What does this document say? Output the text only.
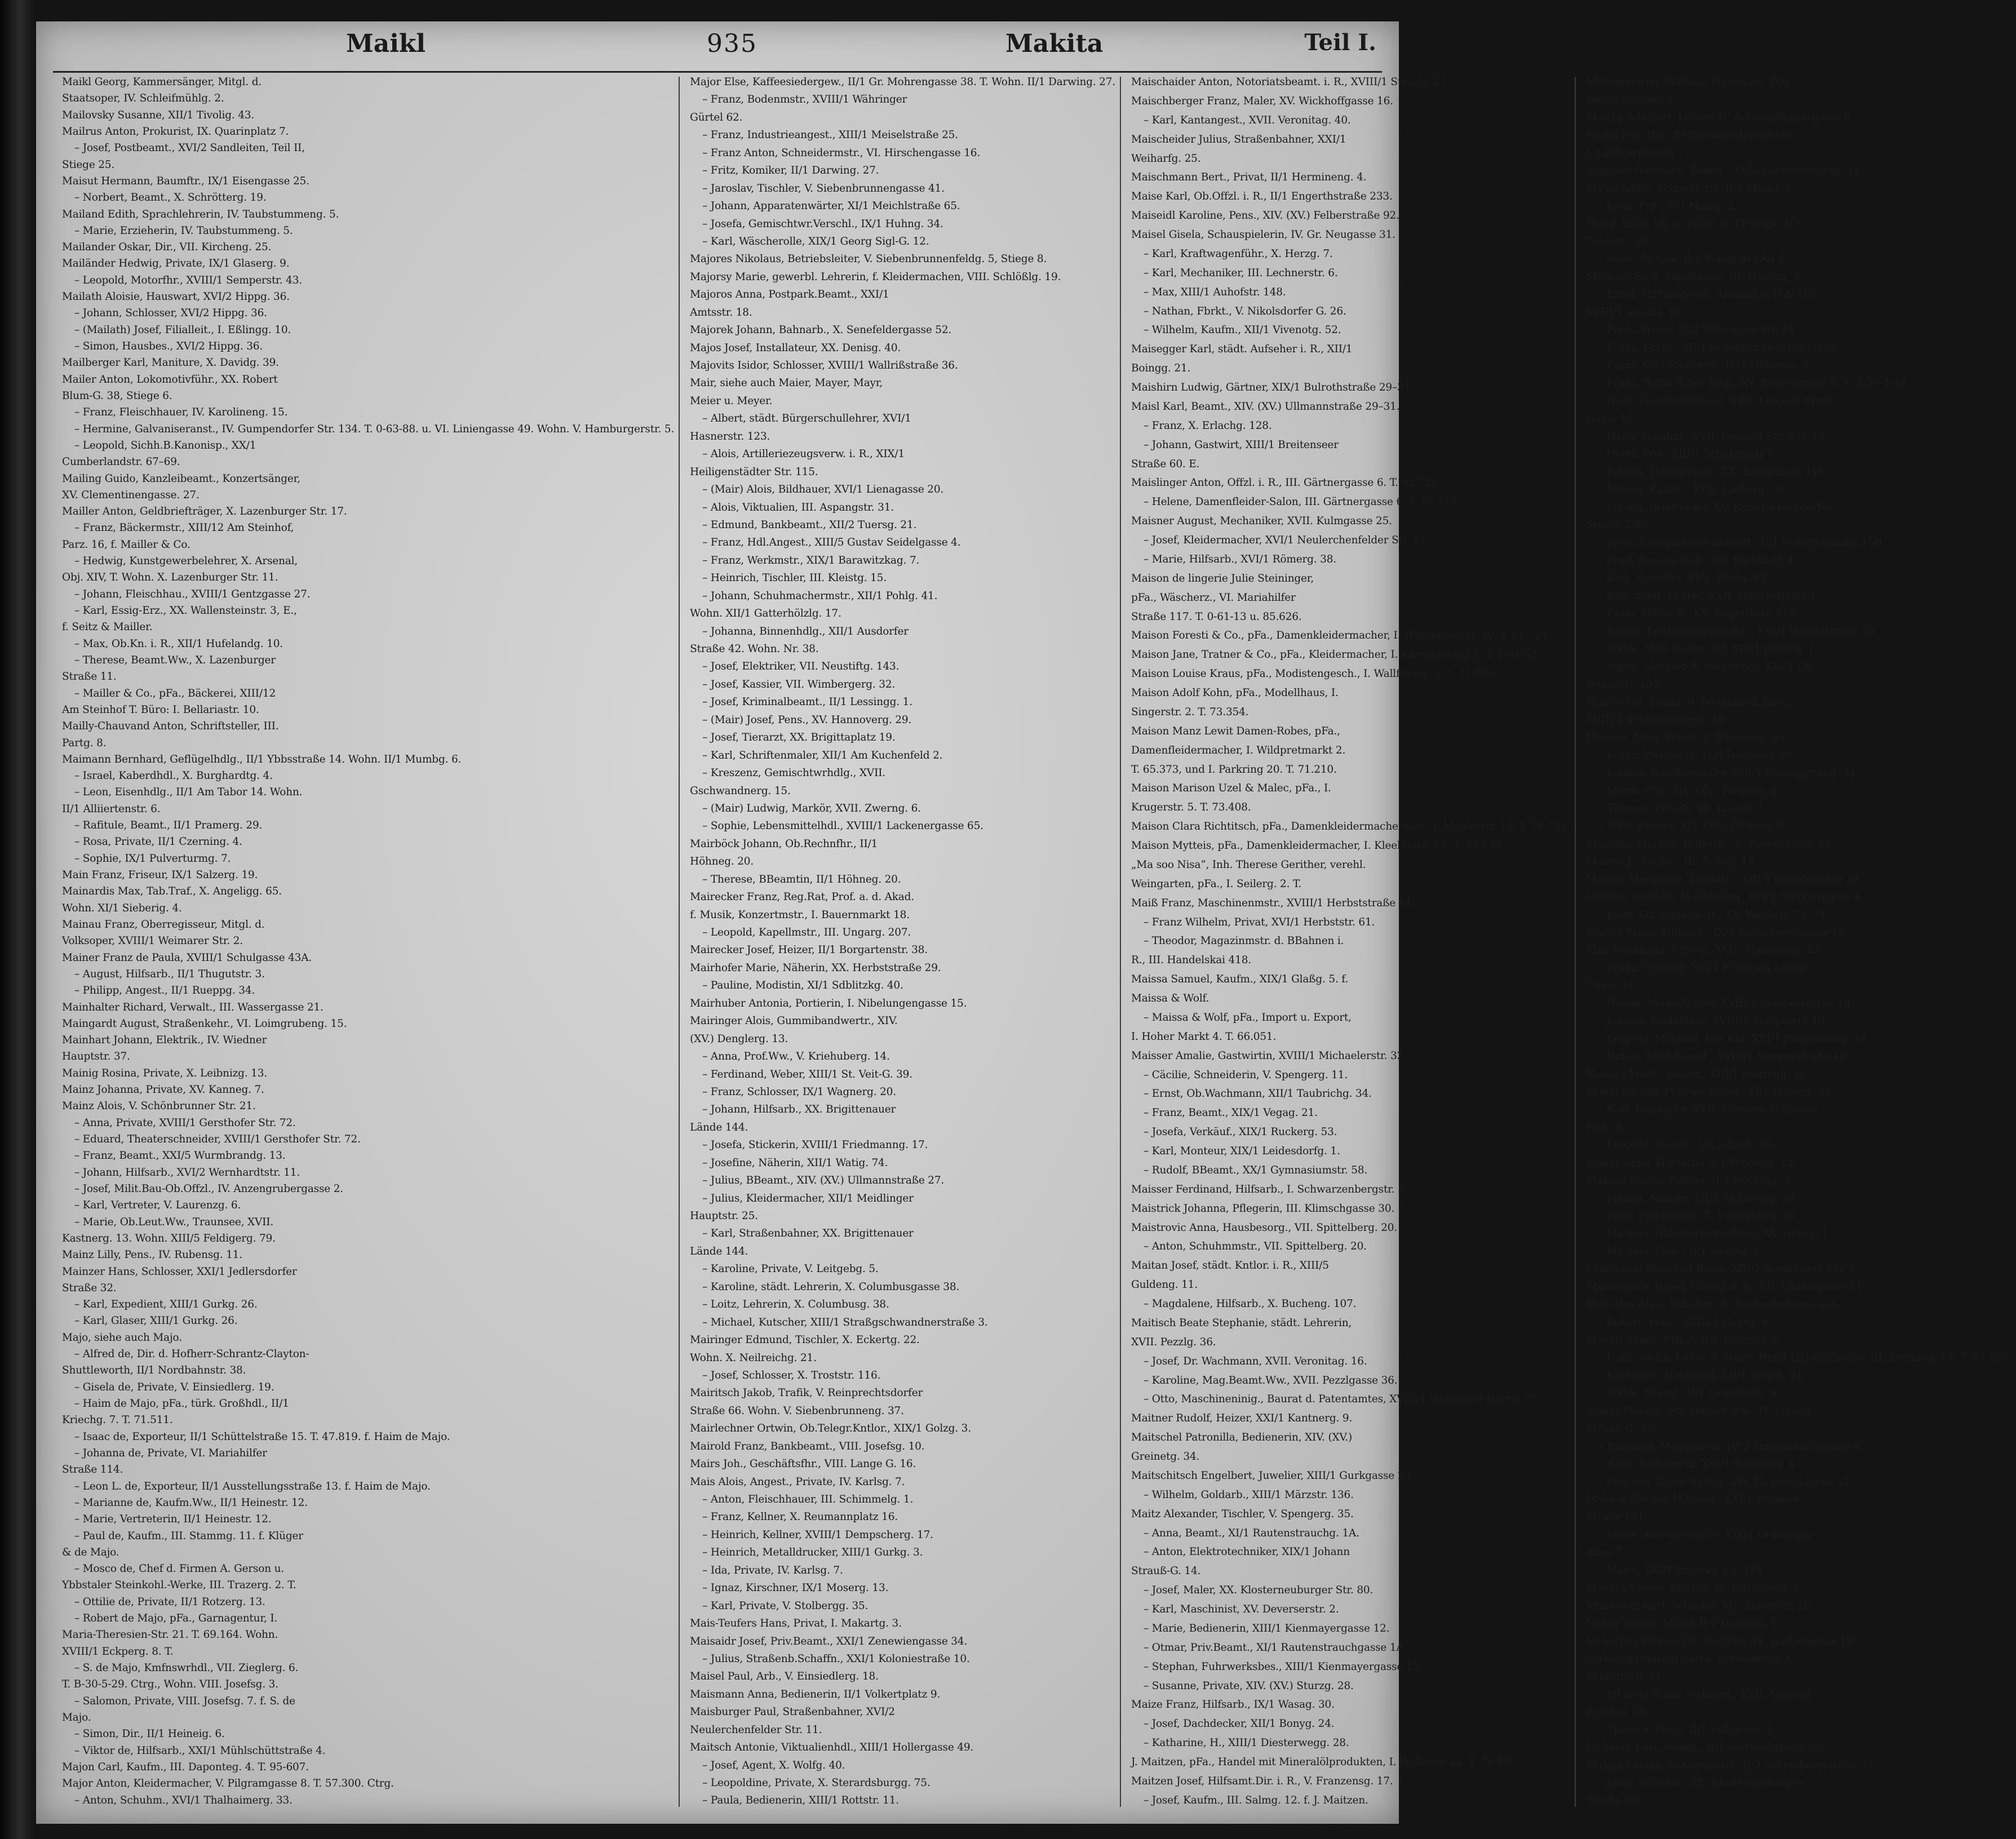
Maikl	935	Makita	Teil I.
Maikl Georg, Kammersänger, Mitgl. d.
Staatsoper, IV. Schleifmühlg. 2.
Mailovsky Susanne, XII/1 Tivolig. 43.
Mailrus Anton, Prokurist, IX. Quarinplatz 7.
– Josef, Postbeamt., XVI/2 Sandleiten, Teil II,
Stiege 25.
Maisut Hermann, Baumftr., IX/1 Eisengasse 25.
– Norbert, Beamt., X. Schrötterg. 19.
Mailand Edith, Sprachlehrerin, IV. Taubstummeng. 5.
– Marie, Erzieherin, IV. Taubstummeng. 5.
Mailander Oskar, Dir., VII. Kircheng. 25.
Mailänder Hedwig, Private, IX/1 Glaserg. 9.
– Leopold, Motorfhr., XVIII/1 Semperstr. 43.
Mailath Aloisie, Hauswart, XVI/2 Hippg. 36.
– Johann, Schlosser, XVI/2 Hippg. 36.
– (Mailath) Josef, Filialleit., I. Eßlingg. 10.
– Simon, Hausbes., XVI/2 Hippg. 36.
Mailberger Karl, Maniture, X. Davidg. 39.
Mailer Anton, Lokomotivführ., XX. Robert
Blum-G. 38, Stiege 6.
– Franz, Fleischhauer, IV. Karolineng. 15.
– Hermine, Galvaniseranst., IV. Gumpendorfer Str. 134. T. 0-63-88. u. VI. Liniengasse 49. Wohn. V. Hamburgerstr. 5.
– Leopold, Sichh.B.Kanonisp., XX/1
Cumberlandstr. 67–69.
Mailing Guido, Kanzleibeamt., Konzertsänger,
XV. Clementinengasse. 27.
Mailler Anton, Geldbriefträger, X. Lazenburger Str. 17.
– Franz, Bäckermstr., XIII/12 Am Steinhof,
Parz. 16, f. Mailler & Co.
– Hedwig, Kunstgewerbelehrer, X. Arsenal,
Obj. XIV, T. Wohn. X. Lazenburger Str. 11.
– Johann, Fleischhau., XVIII/1 Gentzgasse 27.
– Karl, Essig-Erz., XX. Wallensteinstr. 3, E.,
f. Seitz & Mailler.
– Max, Ob.Kn. i. R., XII/1 Hufelandg. 10.
– Therese, Beamt.Ww., X. Lazenburger
Straße 11.
– Mailler & Co., pFa., Bäckerei, XIII/12
Am Steinhof T. Büro: I. Bellariastr. 10.
Mailly-Chauvand Anton, Schriftsteller, III.
Partg. 8.
Maimann Bernhard, Geflügelhdlg., II/1 Ybbsstraße 14. Wohn. II/1 Mumbg. 6.
– Israel, Kaberdhdl., X. Burghardtg. 4.
– Leon, Eisenhdlg., II/1 Am Tabor 14. Wohn.
II/1 Alliiertenstr. 6.
– Rafitule, Beamt., II/1 Pramerg. 29.
– Rosa, Private, II/1 Czerning. 4.
– Sophie, IX/1 Pulverturmg. 7.
Main Franz, Friseur, IX/1 Salzerg. 19.
Mainardis Max, Tab.Traf., X. Angeligg. 65.
Wohn. XI/1 Sieberig. 4.
Mainau Franz, Oberregisseur, Mitgl. d.
Volksoper, XVIII/1 Weimarer Str. 2.
Mainer Franz de Paula, XVIII/1 Schulgasse 43A.
– August, Hilfsarb., II/1 Thugutstr. 3.
– Philipp, Angest., II/1 Rueppg. 34.
Mainhalter Richard, Verwalt., III. Wassergasse 21.
Maingardt August, Straßenkehr., VI. Loimgrubeng. 15.
Mainhart Johann, Elektrik., IV. Wiedner
Hauptstr. 37.
Mainig Rosina, Private, X. Leibnizg. 13.
Mainz Johanna, Private, XV. Kanneg. 7.
Mainz Alois, V. Schönbrunner Str. 21.
– Anna, Private, XVIII/1 Gersthofer Str. 72.
– Eduard, Theaterschneider, XVIII/1 Gersthofer Str. 72.
– Franz, Beamt., XXI/5 Wurmbrandg. 13.
– Johann, Hilfsarb., XVI/2 Wernhardtstr. 11.
– Josef, Milit.Bau-Ob.Offzl., IV. Anzengrubergasse 2.
– Karl, Vertreter, V. Laurenzg. 6.
– Marie, Ob.Leut.Ww., Traunsee, XVII.
Kastnerg. 13. Wohn. XIII/5 Feldigerg. 79.
Mainz Lilly, Pens., IV. Rubensg. 11.
Mainzer Hans, Schlosser, XXI/1 Jedlersdorfer
Straße 32.
– Karl, Expedient, XIII/1 Gurkg. 26.
– Karl, Glaser, XIII/1 Gurkg. 26.
Majo, siehe auch Majo.
– Alfred de, Dir. d. Hofherr-Schrantz-Clayton-
Shuttleworth, II/1 Nordbahnstr. 38.
– Gisela de, Private, V. Einsiedlerg. 19.
– Haim de Majo, pFa., türk. Großhdl., II/1
Kriechg. 7. T. 71.511.
– Isaac de, Exporteur, II/1 Schüttelstraße 15. T. 47.819. f. Haim de Majo.
– Johanna de, Private, VI. Mariahilfer
Straße 114.
– Leon L. de, Exporteur, II/1 Ausstellungsstraße 13. f. Haim de Majo.
– Marianne de, Kaufm.Ww., II/1 Heinestr. 12.
– Marie, Vertreterin, II/1 Heinestr. 12.
– Paul de, Kaufm., III. Stammg. 11. f. Klüger
& de Majo.
– Mosco de, Chef d. Firmen A. Gerson u.
Ybbstaler Steinkohl.-Werke, III. Trazerg. 2. T.
– Ottilie de, Private, II/1 Rotzerg. 13.
– Robert de Majo, pFa., Garnagentur, I.
Maria-Theresien-Str. 21. T. 69.164. Wohn.
XVIII/1 Eckperg. 8. T.
– S. de Majo, Kmfnswrhdl., VII. Zieglerg. 6.
T. B-30-5-29. Ctrg., Wohn. VIII. Josefsg. 3.
– Salomon, Private, VIII. Josefsg. 7. f. S. de
Majo.
– Simon, Dir., II/1 Heineig. 6.
– Viktor de, Hilfsarb., XXI/1 Mühlschüttstraße 4.
Majon Carl, Kaufm., III. Daponteg. 4. T. 95-607.
Major Anton, Kleidermacher, V. Pilgramgasse 8. T. 57.300. Ctrg.
– Anton, Schuhm., XVI/1 Thalhaimerg. 33.
Major Else, Kaffeesiedergew., II/1 Gr. Mohrengasse 38. T. Wohn. II/1 Darwing. 27.
– Franz, Bodenmstr., XVIII/1 Währinger
Gürtel 62.
– Franz, Industrieangest., XIII/1 Meiselstraße 25.
– Franz Anton, Schneidermstr., VI. Hirschengasse 16.
– Fritz, Komiker, II/1 Darwing. 27.
– Jaroslav, Tischler, V. Siebenbrunnengasse 41.
– Johann, Apparatenwärter, XI/1 Meichlstraße 65.
– Josefa, Gemischtwr.Verschl., IX/1 Huhng. 34.
– Karl, Wäscherolle, XIX/1 Georg Sigl-G. 12.
Majores Nikolaus, Betriebsleiter, V. Siebenbrunnenfeldg. 5, Stiege 8.
Majorsy Marie, gewerbl. Lehrerin, f. Kleidermachen, VIII. Schlößlg. 19.
Majoros Anna, Postpark.Beamt., XXI/1
Amtsstr. 18.
Majorek Johann, Bahnarb., X. Senefeldergasse 52.
Majos Josef, Installateur, XX. Denisg. 40.
Majovits Isidor, Schlosser, XVIII/1 Wallrißstraße 36.
Mair, siehe auch Maier, Mayer, Mayr,
Meier u. Meyer.
– Albert, städt. Bürgerschullehrer, XVI/1
Hasnerstr. 123.
– Alois, Artilleriezeugsverw. i. R., XIX/1
Heiligenstädter Str. 115.
– (Mair) Alois, Bildhauer, XVI/1 Lienagasse 20.
– Alois, Viktualien, III. Aspangstr. 31.
– Edmund, Bankbeamt., XII/2 Tuersg. 21.
– Franz, Hdl.Angest., XIII/5 Gustav Seidelgasse 4.
– Franz, Werkmstr., XIX/1 Barawitzkag. 7.
– Heinrich, Tischler, III. Kleistg. 15.
– Johann, Schuhmachermstr., XII/1 Pohlg. 41.
Wohn. XII/1 Gatterhölzlg. 17.
– Johanna, Binnenhdlg., XII/1 Ausdorfer
Straße 42. Wohn. Nr. 38.
– Josef, Elektriker, VII. Neustiftg. 143.
– Josef, Kassier, VII. Wimbergerg. 32.
– Josef, Kriminalbeamt., II/1 Lessingg. 1.
– (Mair) Josef, Pens., XV. Hannoverg. 29.
– Josef, Tierarzt, XX. Brigittaplatz 19.
– Karl, Schriftenmaler, XII/1 Am Kuchenfeld 2.
– Kreszenz, Gemischtwrhdlg., XVII.
Gschwandnerg. 15.
– (Mair) Ludwig, Markör, XVII. Zwerng. 6.
– Sophie, Lebensmittelhdl., XVIII/1 Lackenergasse 65.
Mairböck Johann, Ob.Rechnfhr., II/1
Höhneg. 20.
– Therese, BBeamtin, II/1 Höhneg. 20.
Mairecker Franz, Reg.Rat, Prof. a. d. Akad.
f. Musik, Konzertmstr., I. Bauernmarkt 18.
– Leopold, Kapellmstr., III. Ungarg. 207.
Mairecker Josef, Heizer, II/1 Borgartenstr. 38.
Mairhofer Marie, Näherin, XX. Herbststraße 29.
– Pauline, Modistin, XI/1 Sdblitzkg. 40.
Mairhuber Antonia, Portierin, I. Nibelungengasse 15.
Mairinger Alois, Gummibandwertr., XIV.
(XV.) Denglerg. 13.
– Anna, Prof.Ww., V. Kriehuberg. 14.
– Ferdinand, Weber, XIII/1 St. Veit-G. 39.
– Franz, Schlosser, IX/1 Wagnerg. 20.
– Johann, Hilfsarb., XX. Brigittenauer
Lände 144.
– Josefa, Stickerin, XVIII/1 Friedmanng. 17.
– Josefine, Näherin, XII/1 Watig. 74.
– Julius, BBeamt., XIV. (XV.) Ullmannstraße 27.
– Julius, Kleidermacher, XII/1 Meidlinger
Hauptstr. 25.
– Karl, Straßenbahner, XX. Brigittenauer
Lände 144.
– Karoline, Private, V. Leitgebg. 5.
– Karoline, städt. Lehrerin, X. Columbusgasse 38.
– Loitz, Lehrerin, X. Columbusg. 38.
– Michael, Kutscher, XIII/1 Straßgschwandnerstraße 3.
Mairinger Edmund, Tischler, X. Eckertg. 22.
Wohn. X. Neilreichg. 21.
– Josef, Schlosser, X. Troststr. 116.
Mairitsch Jakob, Trafik, V. Reinprechtsdorfer
Straße 66. Wohn. V. Siebenbrunneng. 37.
Mairlechner Ortwin, Ob.Telegr.Kntlor., XIX/1 Golzg. 3.
Mairold Franz, Bankbeamt., VIII. Josefsg. 10.
Mairs Joh., Geschäftsfhr., VIII. Lange G. 16.
Mais Alois, Angest., Private, IV. Karlsg. 7.
– Anton, Fleischhauer, III. Schimmelg. 1.
– Franz, Kellner, X. Reumannplatz 16.
– Heinrich, Kellner, XVIII/1 Dempscherg. 17.
– Heinrich, Metalldrucker, XIII/1 Gurkg. 3.
– Ida, Private, IV. Karlsg. 7.
– Ignaz, Kirschner, IX/1 Moserg. 13.
– Karl, Private, V. Stolbergg. 35.
Mais-Teufers Hans, Privat, I. Makartg. 3.
Maisaidr Josef, Priv.Beamt., XXI/1 Zenewiengasse 34.
– Julius, Straßenb.Schaffn., XXI/1 Koloniestraße 10.
Maisel Paul, Arb., V. Einsiedlerg. 18.
Maismann Anna, Bedienerin, II/1 Volkertplatz 9.
Maisburger Paul, Straßenbahner, XVI/2
Neulerchenfelder Str. 11.
Maitsch Antonie, Viktualienhdl., XIII/1 Hollergasse 49.
– Josef, Agent, X. Wolfg. 40.
– Leopoldine, Private, X. Sterardsburgg. 75.
– Paula, Bedienerin, XIII/1 Rottstr. 11.
Maischaider Anton, Notoriatsbeamt. i. R., XVIII/1 Staudg. 21.
Maischberger Franz, Maler, XV. Wickhoffgasse 16.
– Karl, Kantangest., XVII. Veronitag. 40.
Maischeider Julius, Straßenbahner, XXI/1
Weiharfg. 25.
Maischmann Bert., Privat, II/1 Hermineng. 4.
Maise Karl, Ob.Offzl. i. R., II/1 Engerthstraße 233.
Maiseidl Karoline, Pens., XIV. (XV.) Felberstraße 92.
Maisel Gisela, Schauspielerin, IV. Gr. Neugasse 31.
– Karl, Kraftwagenführ., X. Herzg. 7.
– Karl, Mechaniker, III. Lechnerstr. 6.
– Max, XIII/1 Auhofstr. 148.
– Nathan, Fbrkt., V. Nikolsdorfer G. 26.
– Wilhelm, Kaufm., XII/1 Vivenotg. 52.
Maisegger Karl, städt. Aufseher i. R., XII/1
Boingg. 21.
Maishirn Ludwig, Gärtner, XIX/1 Bulrothstraße 29–31.
Maisl Karl, Beamt., XIV. (XV.) Ullmannstraße 29–31.
– Franz, X. Erlachg. 128.
– Johann, Gastwirt, XIII/1 Breitenseer
Straße 60. E.
Maislinger Anton, Offzl. i. R., III. Gärtnergasse 6. T. 92.725.
– Helene, Damenfleider-Salon, III. Gärtnergasse 6. T. 92.725.
Maisner August, Mechaniker, XVII. Kulmgasse 25.
– Josef, Kleidermacher, XVI/1 Neulerchenfelder Str. 87.
– Marie, Hilfsarb., XVI/1 Römerg. 38.
Maison de lingerie Julie Steininger,
pFa., Wäscherz., VI. Mariahilfer
Straße 117. T. 0-61-13 u. 85.626.
Maison Foresti & Co., pFa., Damenkleidermacher, I. Wipplingerstr. 20. T. 61.721.
Maison Jane, Tratner & Co., pFa., Kleidermacher, I. Kärntnerring 8. T. 56-3-52.
Maison Louise Kraus, pFa., Modistengesch., I. Wallfischg. 3. T. 71.033.
Maison Adolf Kohn, pFa., Modellhaus, I.
Singerstr. 2. T. 73.354.
Maison Manz Lewit Damen-Robes, pFa.,
Damenfleidermacher, I. Wildpretmarkt 2.
T. 65.373, und I. Parkring 20. T. 71.210.
Maison Marison Uzel & Malec, pFa., I.
Krugerstr. 5. T. 73.408.
Maison Clara Richtitsch, pFa., Damenkleidermachergew., I. Mahlerstr. 13. T. 76.755.
Maison Mytteis, pFa., Damenkleidermacher, I. Kleeblattg. 11. T. 67.833.
„Ma soo Nisa“, Inh. Therese Gerither, verehl.
Weingarten, pFa., I. Seilerg. 2. T.
Maiß Franz, Maschinenmstr., XVIII/1 Herbststraße 61.
– Franz Wilhelm, Privat, XVI/1 Herbststr. 61.
– Theodor, Magazinmstr. d. BBahnen i.
R., III. Handelskai 418.
Maissa Samuel, Kaufm., XIX/1 Glaßg. 5. f.
Maissa & Wolf.
– Maissa & Wolf, pFa., Import u. Export,
I. Hoher Markt 4. T. 66.051.
Maisser Amalie, Gastwirtin, XVIII/1 Michaelerstr. 32.
– Cäcilie, Schneiderin, V. Spengerg. 11.
– Ernst, Ob.Wachmann, XII/1 Taubrichg. 34.
– Franz, Beamt., XIX/1 Vegag. 21.
– Josefa, Verkäuf., XIX/1 Ruckerg. 53.
– Karl, Monteur, XIX/1 Leidesdorfg. 1.
– Rudolf, BBeamt., XX/1 Gymnasiumstr. 58.
Maisser Ferdinand, Hilfsarb., I. Schwarzenbergstr. 5.
Maistrick Johanna, Pflegerin, III. Klimschgasse 30.
Maistrovic Anna, Hausbesorg., VII. Spittelberg. 20.
– Anton, Schuhmmstr., VII. Spittelberg. 20.
Maitan Josef, städt. Kntlor. i. R., XIII/5
Guldeng. 11.
– Magdalene, Hilfsarb., X. Bucheng. 107.
Maitisch Beate Stephanie, städt. Lehrerin,
XVII. Pezzlg. 36.
– Josef, Dr. Wachmann, XVII. Veronitag. 16.
– Karoline, Mag.Beamt.Ww., XVII. Pezzlgasse 36.
– Otto, Maschineninig., Baurat d. Patentamtes, XVIII/1 Währinger Gürtel 37.
Maitner Rudolf, Heizer, XXI/1 Kantnerg. 9.
Maitschel Patronilla, Bedienerin, XIV. (XV.)
Greinetg. 34.
Maitschitsch Engelbert, Juwelier, XIII/1 Gurkgasse 20.
– Wilhelm, Goldarb., XIII/1 Märzstr. 136.
Maitz Alexander, Tischler, V. Spengerg. 35.
– Anna, Beamt., XI/1 Rautenstrauchg. 1A.
– Anton, Elektrotechniker, XIX/1 Johann
Strauß-G. 14.
– Josef, Maler, XX. Klosterneuburger Str. 80.
– Karl, Maschinist, XV. Deverserstr. 2.
– Marie, Bedienerin, XIII/1 Kienmayergasse 12.
– Otmar, Priv.Beamt., XI/1 Rautenstrauchgasse 1A.
– Stephan, Fuhrwerksbes., XIII/1 Kienmayergasse 12.
– Susanne, Private, XIV. (XV.) Sturzg. 28.
Maize Franz, Hilfsarb., IX/1 Wasag. 30.
– Josef, Dachdecker, XII/1 Bonyg. 24.
– Katharine, H., XIII/1 Diesterwegg. 28.
J. Maitzen, pFa., Handel mit Mineralölprodukten, I. Wollzeile 22. T. 78.497.
Maitzen Josef, Hilfsamt.Dir. i. R., V. Franzensg. 17.
– Josef, Kaufm., III. Salmg. 12. f. J. Maitzen.
Maitzendorfer Mathias, Hauswart, IX/1
Dietrichsteing. 6.
Maizky Adalbert, Lehrer, IV. Schaumburgergasse 5.
Majlik Leo, JDr., Rechtsanwaltanwärter,
I. Lobkowitzplatz 1.
Majunke Hermann, Beamt., XVII. Gschwandnerg. 14.
Majus Adele, Schneiderin, II/1 Malzg. 2.
– Leon, Priv., II/1 Malzg. 2.
Majut Adolf, Dir. d. Hotel de l'Europe, II/1
Taborstr. 8II.
– Anna, Private, II/1 Venediger Au 4.
Maiwald Emil, Kapellmstr., III. Hegerg. 9.
– Ernst, Hilfsämterdir. Abjunkt d. Polz.Dir.,
XVIII/1 Staudg. 65.
– Ferd., Privat, IX/2 Währinger Str. 46.
– Franz, Fbrkt., XII/1 Schönbrunner Schloßstr.
– Franz, Offz.Stellvertr., IX/1 Völkerstr. 4
– Franz, Sichh.B.Bez.Insp., XV. Tannengasse 8. T. B-36-2-49.
– Hans, Geschäftsdiener, XVII. Leopold Ernst-
Gasse 15.
– Hans, Schuhm., XVII. Leopold Ernst-G. 15.
– Herta, Ww., XIII/1 Schützplatz 6.
– Johann, Hotelangest., XX. Engerthstr. 116.
– Johann, Kaufm., XVII. Lackerg. 60.
– Johann, Briefträger, X/2 Kaiser-Ebersdorfer
Straße 290.
– Josef, Postsparkassenbeamt., II/1 Schüttelstraße 15B.
– Josef, Rayons-Insp., II/1 Böckinstr. 4.
– Karl, Spengler, XVII. Wattg. 82.
– Karl, städt. Lehrer, XX/1 Stillfriedplatz 1.
– Paula, Hilfsarb., XX. Engerthstr. 116.
– Rudolf, Ledergalanteriearb., XVI/1 Herbststraße 53.
– Viktor, Milit.Rechn.Rat, XIX/1 Eimarg. 1.
– Viktor, Mitglied d. Staatsoper, XXI/1 Ob.
Donaustr. 107.
Maiz Adolf, Beamt. d. Bodenkred.Anst.,
XVIII/2 Scheibenbergg. 49.
Maizner Anna, Privat, V. Wimmerg. 33.
– Franz, Werkmstr., IX/1 Rennweg 50.
– Johann, Schriftenmaler, XIII/1 Fasangarteng. 34.
– Maria, Ww., XIV. (XV.) Pfeiferg. 6.
– Therese, Private, III. Lissag. 3.
– Willy, Dreher, XIV. (XV.) Pfeiferg. 6.
Maizefka Markus, Hilfsarb., X. Wienerfeldg. 22.
Maizen J., Kaufm., III. Salmg. 12.
Maizler Margarete, Hilfsarb., XIII/1 Oswaldgasse 30.
Maizner Gottlieb, Mechaniker, XVI/1 Effingergasse 4.
– Josef, Kürschnermstr., XX. Wehlistr. 72–74.
Maizys Franz, Hilfsarb., IX/1 Rotenlöwengasse 10.
Mak Ferdinand, Friseur, XVII. Manssfeng. 25.
– Franz, Tischler, XVI/1 Friedrich Kaiser-
Gasse 33.
– Hanna, Mode-Atelier, XVIII/1 Semperstraße 18.
– Johann, Konfektion, XVIII/1 Semperstr. 18.
– Leopold, Monteur, Bez.Rat, XVI/1 Friedmanng. 24.
– Urban, Milit.Beamt., XVIII/1 Semperstraße 18.
Makacs Marie, Beamt., XIII/1 Iheringg. 35.
Makal Johann, Fuhrwerksbes., XI/1 Hallerg. 29.
– Karl, Reisender, XVII. Clemens Hofbauer-
Platz 4.
– Leopold, Beamt., XV. Johnstr. 69.
Makar Anna, Hilfsarb., II/1 Schönng. 12.
Makara Eugen, Kellner, II/1 Novarag. 3.
– Johann, Maurer, XII/1 Aßmayerg. 24.
– Josef, Priv.Beamt., X. Columbusg. 49.
– Michael, Galanteriedrechsler, XV. Grang. 1.
– Michael, Pens., II/1 Saumg. 8.
Makaranin Biagorad Busio, XIII/1 Breitenseer Str. 6.
Makarewicz Alfred, Oberst d. R., VII. Lindengasse 51.
Makarius Alois, Schuhm., X. Raaberbahngasse 5.
– Robert, Pens., XVIII/1 Genzg. 6.
Makart Franz, Privat, II/1 Taborstr. 5.
– Hans, techn. Leiter d. österr. Bund.Lichtbildstelle, III. Krummg. 1A. T. 97.853.
– Katharine, Hauswart, XII/1 Bonyg. 24.
– Viktor, Beamt., II/1 Lassallestr. 4.
Makas Pauline, Forstbeamt.Ww., IV. Johann
Strauß-G. 33.
– Raimund, Magazineur, IV/2 Zimmermanngasse 4.
– Rosa, Bedienerin, XVI/1 Rosegger. 4.
– Stephan, Glasschleifer, XVI. Klopstockgasse 21.
Makasy Florian, Hilfsarb., XXI/1 Brünner
Straße 191.
– Marie, Kunstgewerbe, XIX/1 Grinzinger
Allee 7.
– Marie, XXI/1 Brünner Str. 191.
Makava Eugen, Markör, III. Castellezg. 6.
Makawetz Karl, Schuster, VII. Kaiserstr. 28.
Maker Rudolf, Major, II/1 Darwing. 6.
Makerling Emmerich, Tischler, XX. Raffaelgasse 19.
Makesch (Makes) Berta, Schneiderin, X.
Schrötterg. 11.
– (Makes) Franz, Schuhm., XVII. Leopold
Ernst-G. 34.
– Therese, Pens., II/1 Volkertstr. 5.
Maketan Karl, Beamt., II/1 Sternecksplatz 20.
Makita Johann, Schuhmmstr., II/3 Schrazbergstraße 30.
– Josef, Schuhm., XX. Klosterneuburger
Straße 30.
